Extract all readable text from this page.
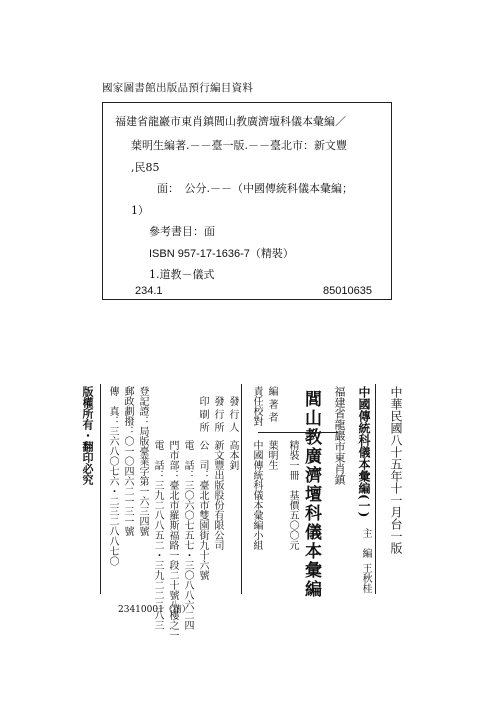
國家圖書館出版品預行編目資料
福建省龍巖市東肖鎮閭山教廣濟壇科儀本彙編／
葉明生編著.－－臺一版.－－臺北市：新文豐
,民85
面：　公分.－－（中國傳統科儀本彙編；
1）
參考書目：面
ISBN 957-17-1636-7（精裝）
1.道教－儀式
234.1	85010635
中華民國八十五年十一月台一版
中國傳統科儀本彙編(一)
主　編
王秋桂
福建省龍巖市東肖鎮
閭山教廣濟壇科儀本彙編
精裝一冊　基價五〇〇元
編 著 者
葉明生
責任校對
中國傳統科儀本彙編小組
發 行 人
高本釗
發 行 所
新文豐出版股份有限公司
印 刷 所
公　司：臺北市雙園街九十六號
電　話：三〇六〇七五七・三〇八八六二四
門市部：臺北市羅斯福路一段二十號八樓之一
電　話：三九二八八五二・三九二二二八三
登記證：局版臺業字第一六三四號
郵政劃撥：〇一〇四六二一三一號
傳　真：三六八〇七六・二三二八八七〇
版權所有・翻印必究
23410001（精）
